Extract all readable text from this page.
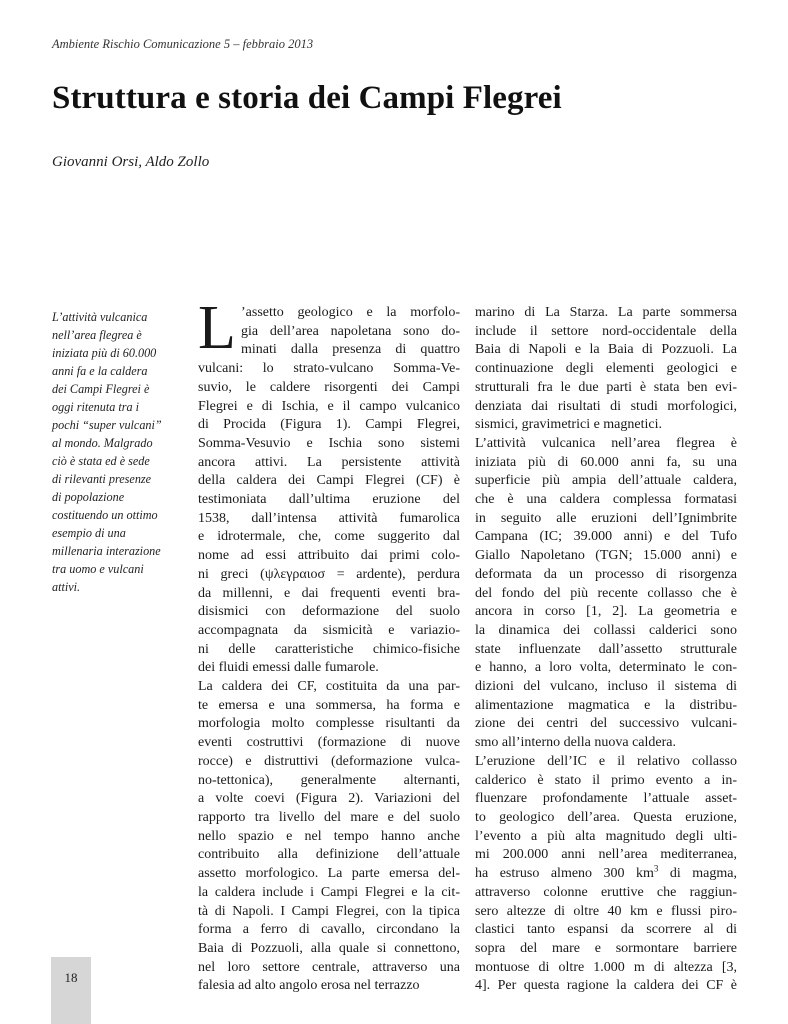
Ambiente Rischio Comunicazione 5 – febbraio 2013
Struttura e storia dei Campi Flegrei
Giovanni Orsi, Aldo Zollo
L’attività vulcanica
nell’area flegrea è
iniziata più di 60.000
anni fa e la caldera
dei Campi Flegrei è
oggi ritenuta tra i
pochi “super vulcani”
al mondo. Malgrado
ciò è stata ed è sede
di rilevanti presenze
di popolazione
costituendo un ottimo
esempio di una
millenaria interazione
tra uomo e vulcani
attivi.
L ’assetto geologico e la morfolo-
gia dell’area napoletana sono do-
minati dalla presenza di quattro
vulcani: lo strato-vulcano Somma-Ve-
suvio, le caldere risorgenti dei Campi
Flegrei e di Ischia, e il campo vulcanico
di Procida (Figura 1). Campi Flegrei,
Somma-Vesuvio e Ischia sono sistemi
ancora attivi. La persistente attività
della caldera dei Campi Flegrei (CF) è
testimoniata dall’ultima eruzione del
1538, dall’intensa attività fumarolica
e idrotermale, che, come suggerito dal
nome ad essi attribuito dai primi colo-
ni greci (ψλεγραιοσ = ardente), perdura
da millenni, e dai frequenti eventi bra-
disismici con deformazione del suolo
accompagnata da sismicità e variazio-
ni delle caratteristiche chimico-fisiche
dei fluidi emessi dalle fumarole.
La caldera dei CF, costituita da una par-
te emersa e una sommersa, ha forma e
morfologia molto complesse risultanti da
eventi costruttivi (formazione di nuove
rocce) e distruttivi (deformazione vulca-
no-tettonica), generalmente alternanti,
a volte coevi (Figura 2). Variazioni del
rapporto tra livello del mare e del suolo
nello spazio e nel tempo hanno anche
contribuito alla definizione dell’attuale
assetto morfologico. La parte emersa del-
la caldera include i Campi Flegrei e la cit-
tà di Napoli. I Campi Flegrei, con la tipica
forma a ferro di cavallo, circondano la
Baia di Pozzuoli, alla quale si connettono,
nel loro settore centrale, attraverso una
falesia ad alto angolo erosa nel terrazzo
marino di La Starza. La parte sommersa
include il settore nord-occidentale della
Baia di Napoli e la Baia di Pozzuoli. La
continuazione degli elementi geologici e
strutturali fra le due parti è stata ben evi-
denziata dai risultati di studi morfologici,
sismici, gravimetrici e magnetici.
L’attività vulcanica nell’area flegrea è
iniziata più di 60.000 anni fa, su una
superficie più ampia dell’attuale caldera,
che è una caldera complessa formatasi
in seguito alle eruzioni dell’Ignimbrite
Campana (IC; 39.000 anni) e del Tufo
Giallo Napoletano (TGN; 15.000 anni) e
deformata da un processo di risorgenza
del fondo del più recente collasso che è
ancora in corso [1, 2]. La geometria e
la dinamica dei collassi calderici sono
state influenzate dall’assetto strutturale
e hanno, a loro volta, determinato le con-
dizioni del vulcano, incluso il sistema di
alimentazione magmatica e la distribu-
zione dei centri del successivo vulcani-
smo all’interno della nuova caldera.
L’eruzione dell’IC e il relativo collasso
calderico è stato il primo evento a in-
fluenzare profondamente l’attuale asset-
to geologico dell’area. Questa eruzione,
l’evento a più alta magnitudo degli ulti-
mi 200.000 anni nell’area mediterranea,
ha estruso almeno 300 $km^3$ di magma,
attraverso colonne eruttive che raggiun-
sero altezze di oltre 40 km e flussi piro-
clastici tanto espansi da scorrere al di
sopra del mare e sormontare barriere
montuose di oltre 1.000 m di altezza [3,
4]. Per questa ragione la caldera dei CF è
18
